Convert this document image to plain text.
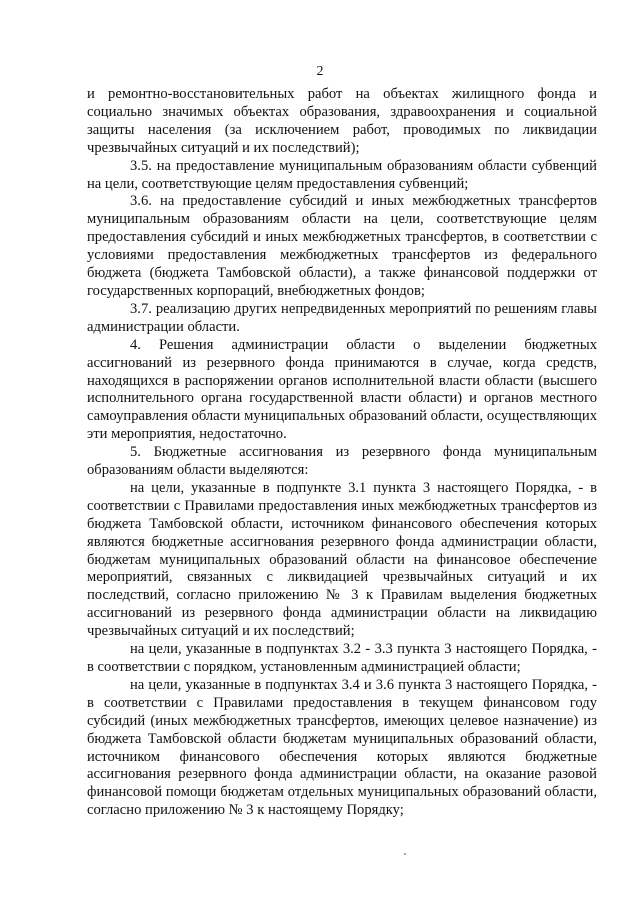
2

и ремонтно-восстановительных работ на объектах жилищного фонда и социально значимых объектах образования, здравоохранения и социальной защиты населения (за исключением работ, проводимых по ликвидации чрезвычайных ситуаций и их последствий);

3.5. на предоставление муниципальным образованиям области субвенций на цели, соответствующие целям предоставления субвенций;

3.6. на предоставление субсидий и иных межбюджетных трансфертов муниципальным образованиям области на цели, соответствующие целям предоставления субсидий и иных межбюджетных трансфертов, в соответствии с условиями предоставления межбюджетных трансфертов из федерального бюджета (бюджета Тамбовской области), а также финансовой поддержки от государственных корпораций, внебюджетных фондов;

3.7. реализацию других непредвиденных мероприятий по решениям главы администрации области.

4. Решения администрации области о выделении бюджетных ассигнований из резервного фонда принимаются в случае, когда средств, находящихся в распоряжении органов исполнительной власти области (высшего исполнительного органа государственной власти области) и органов местного самоуправления области муниципальных образований области, осуществляющих эти мероприятия, недостаточно.

5. Бюджетные ассигнования из резервного фонда муниципальным образованиям области выделяются:

на цели, указанные в подпункте 3.1 пункта 3 настоящего Порядка, - в соответствии с Правилами предоставления иных межбюджетных трансфертов из бюджета Тамбовской области, источником финансового обеспечения которых являются бюджетные ассигнования резервного фонда администрации области, бюджетам муниципальных образований области на финансовое обеспечение мероприятий, связанных с ликвидацией чрезвычайных ситуаций и их последствий, согласно приложению № 3 к Правилам выделения бюджетных ассигнований из резервного фонда администрации области на ликвидацию чрезвычайных ситуаций и их последствий;

на цели, указанные в подпунктах 3.2 - 3.3 пункта 3 настоящего Порядка, - в соответствии с порядком, установленным администрацией области;

на цели, указанные в подпунктах 3.4 и 3.6 пункта 3 настоящего Порядка, - в соответствии с Правилами предоставления в текущем финансовом году субсидий (иных межбюджетных трансфертов, имеющих целевое назначение) из бюджета Тамбовской области бюджетам муниципальных образований области, источником финансового обеспечения которых являются бюджетные ассигнования резервного фонда администрации области, на оказание разовой финансовой помощи бюджетам отдельных муниципальных образований области, согласно приложению № 3 к настоящему Порядку;
